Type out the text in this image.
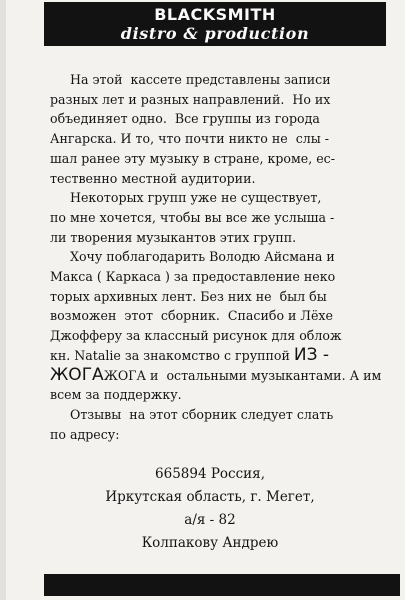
BLACKSMITH
distro & production

На этой  кассете представлены записи
разных лет и разных направлений.  Но их
объединяет одно.  Все группы из города
Ангарска. И то, что почти никто не  слы -
шал ранее эту музыку в стране, кроме, ес-
тественно местной аудитории.

Некоторых групп уже не существует,
по мне хочется, чтобы вы все же услыша -
ли творения музыкантов этих групп.

Хочу поблагодарить Володю Айсмана и
Макса ( Каркаса ) за предоставление неко
торых архивных лент. Без них не  был бы
возможен  этот  сборник.  Спасибо и Лёхе
Джофферу за классный рисунок для облож
кн. Natalie за знакомство с группой ИЗ -
ЖОГАЖОГА и  остальными музыкантами. А им
всем за поддержку.

Отзывы  на этот сборник следует слать
по адресу:

665894 Россия,
Иркутская область, г. Мегет,
а/я - 82
Колпакову Андрею
